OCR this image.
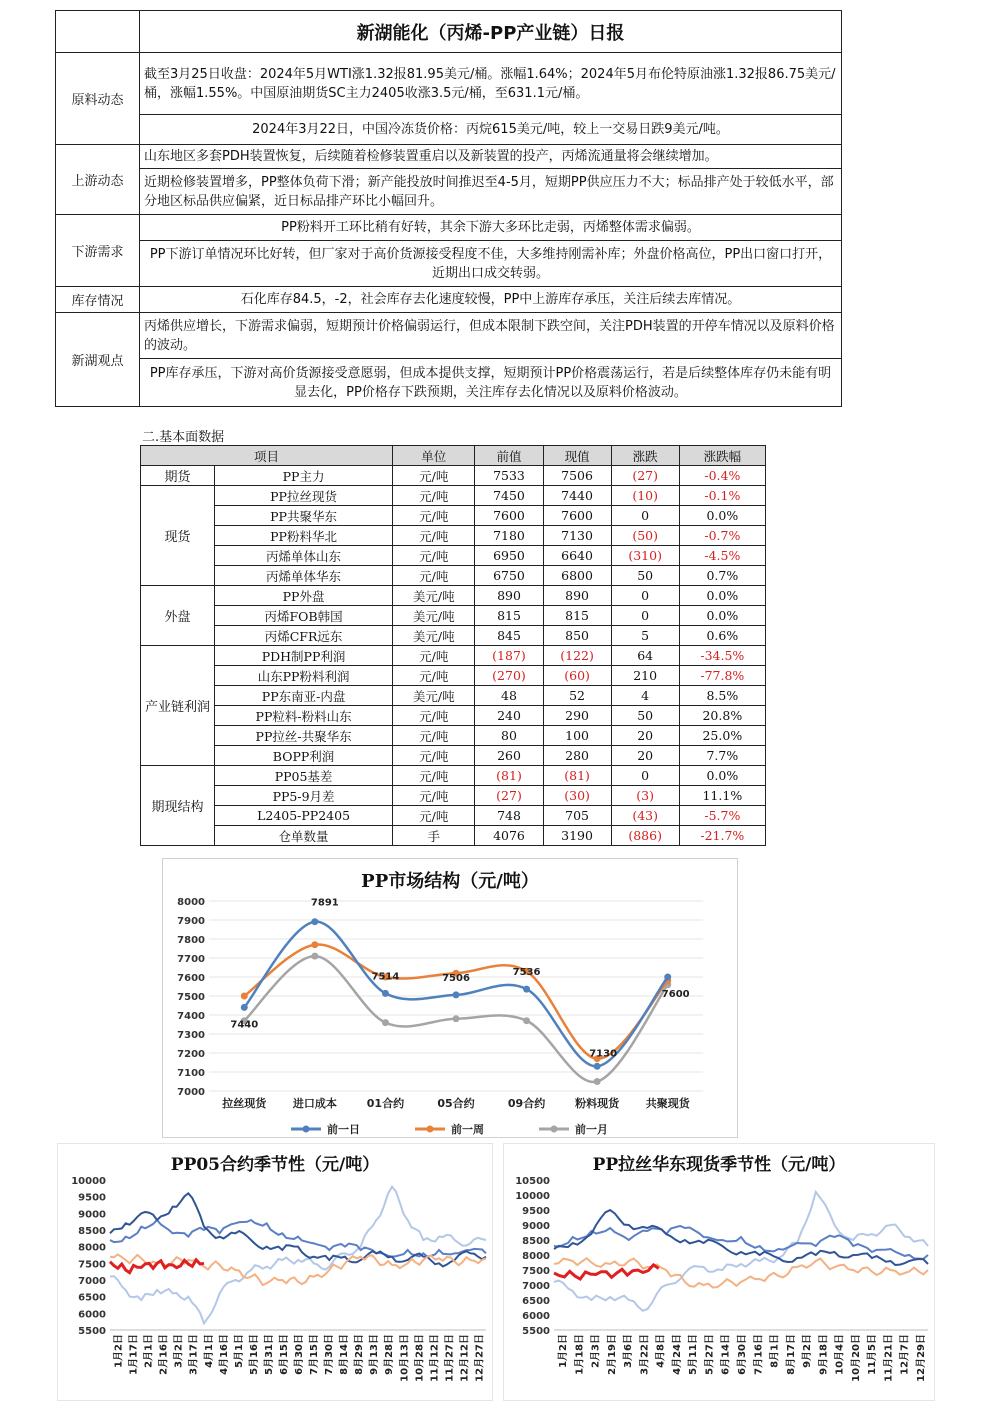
	新湖能化（丙烯-PP产业链）日报
原料动态	截至3月25日收盘：2024年5月WTI涨1.32报81.95美元/桶。涨幅1.64%；2024年5月布伦特原油涨1.32报86.75美元/桶，涨幅1.55%。中国原油期货SC主力2405收涨3.5元/桶，至631.1元/桶。
	2024年3月22日，中国冷冻货价格：丙烷615美元/吨，较上一交易日跌9美元/吨。
上游动态	山东地区多套PDH装置恢复，后续随着检修装置重启以及新装置的投产，丙烯流通量将会继续增加。
	近期检修装置增多，PP整体负荷下滑；新产能投放时间推迟至4-5月，短期PP供应压力不大；标品排产处于较低水平，部分地区标品供应偏紧，近日标品排产环比小幅回升。
下游需求	PP粉料开工环比稍有好转，其余下游大多环比走弱，丙烯整体需求偏弱。
	PP下游订单情况环比好转，但厂家对于高价货源接受程度不佳，大多维持刚需补库；外盘价格高位，PP出口窗口打开，近期出口成交转弱。
库存情况	石化库存84.5，-2，社会库存去化速度较慢，PP中上游库存承压，关注后续去库情况。
新湖观点	丙烯供应增长，下游需求偏弱，短期预计价格偏弱运行，但成本限制下跌空间，关注PDH装置的开停车情况以及原料价格的波动。
	PP库存承压，下游对高价货源接受意愿弱，但成本提供支撑，短期预计PP价格震荡运行，若是后续整体库存仍未能有明显去化，PP价格存下跌预期，关注库存去化情况以及原料价格波动。
二.基本面数据
项目		单位	前值	现值	涨跌	涨跌幅
期货	PP主力	元/吨	7533	7506	(27)	-0.4%
现货	PP拉丝现货	元/吨	7450	7440	(10)	-0.1%
	PP共聚华东	元/吨	7600	7600	0	0.0%
	PP粉料华北	元/吨	7180	7130	(50)	-0.7%
	丙烯单体山东	元/吨	6950	6640	(310)	-4.5%
	丙烯单体华东	元/吨	6750	6800	50	0.7%
外盘	PP外盘	美元/吨	890	890	0	0.0%
	丙烯FOB韩国	美元/吨	815	815	0	0.0%
	丙烯CFR远东	美元/吨	845	850	5	0.6%
产业链利润	PDH制PP利润	元/吨	(187)	(122)	64	-34.5%
	山东PP粉料利润	元/吨	(270)	(60)	210	-77.8%
	PP东南亚-内盘	美元/吨	48	52	4	8.5%
	PP粒料-粉料山东	元/吨	240	290	50	20.8%
	PP拉丝-共聚华东	元/吨	80	100	20	25.0%
	BOPP利润	元/吨	260	280	20	7.7%
期现结构	PP05基差	元/吨	(81)	(81)	0	0.0%
	PP5-9月差	元/吨	(27)	(30)	(3)	11.1%
	L2405-PP2405	元/吨	748	705	(43)	-5.7%
	仓单数量	手	4076	3190	(886)	-21.7%
PP市场结构（元/吨）
7000
7100
7200
7300
7400
7500
7600
7700
7800
7900
8000
拉丝现货 进口成本	01合约	05合约	09合约	粉料现货 共聚现货
7440
7891
7514	7506
7536
7130
7600
前一日	前一周	前一月
PP05合约季节性（元/吨）
5500
6000
6500
7000
7500
8000
8500
9000
9500
10000
1月2日 1月17日 2月1日 2月16日 3月2日 3月17日 4月1日 4月16日 5月1日 5月16日 5月31日 6月15日 6月30日 7月15日 7月30日 8月14日 8月29日 9月13日 9月28日 10月13日 10月28日 11月12日 11月27日 12月12日 12月27日
PP拉丝华东现货季节性（元/吨）
5500
6000
6500
7000
7500
8000
8500
9000
9500
10000
10500
1月2日 1月18日 2月3日 2月19日 3月6日 3月22日 4月8日 4月24日 5月11日 5月27日 6月14日 6月30日 7月16日 8月1日 8月17日 9月2日 9月18日 10月4日 10月20日 11月5日 11月21日 12月7日 12月29日
